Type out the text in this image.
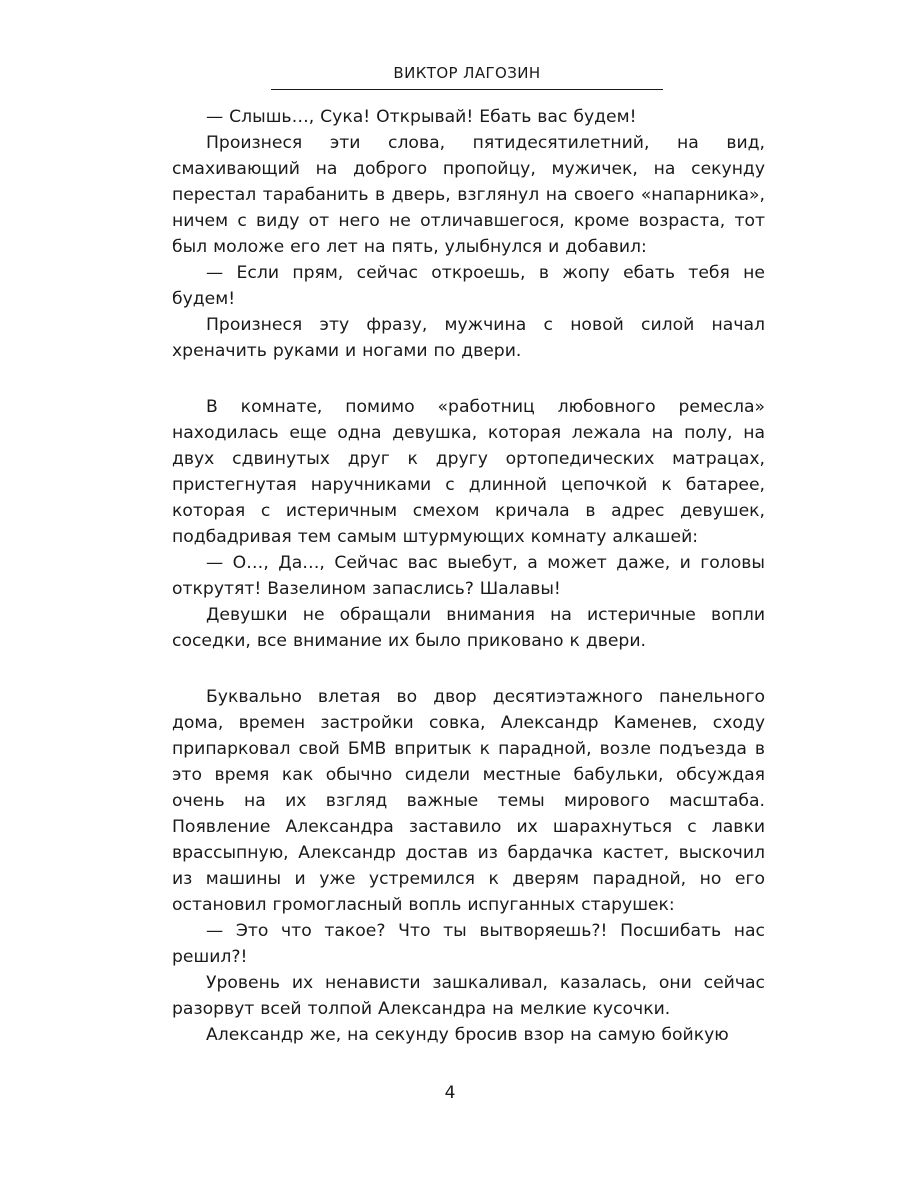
ВИКТОР ЛАГОЗИН

— Слышь…, Сука! Открывай! Ебать вас будем!

Произнеся эти слова, пятидесятилетний, на вид, смахивающий на доброго пропойцу, мужичек, на секунду перестал тарабанить в дверь, взглянул на своего «напарника», ничем с виду от него не отличавшегося, кроме возраста, тот был моложе его лет на пять, улыбнулся и добавил:

— Если прям, сейчас откроешь, в жопу ебать тебя не будем!

Произнеся эту фразу, мужчина с новой силой начал хреначить руками и ногами по двери.

В комнате, помимо «работниц любовного ремесла» находилась еще одна девушка, которая лежала на полу, на двух сдвинутых друг к другу ортопедических матрацах, пристегнутая наручниками с длинной цепочкой к батарее, которая с истеричным смехом кричала в адрес девушек, подбадривая тем самым штурмующих комнату алкашей:

— О…, Да…, Сейчас вас выебут, а может даже, и головы открутят! Вазелином запаслись? Шалавы!

Девушки не обращали внимания на истеричные вопли соседки, все внимание их было приковано к двери.

Буквально влетая во двор десятиэтажного панельного дома, времен застройки совка, Александр Каменев, сходу припарковал свой БМВ впритык к парадной, возле подъезда в это время как обычно сидели местные бабульки, обсуждая очень на их взгляд важные темы мирового масштаба. Появление Александра заставило их шарахнуться с лавки врассыпную, Александр достав из бардачка кастет, выскочил из машины и уже устремился к дверям парадной, но его остановил громогласный вопль испуганных старушек:

— Это что такое? Что ты вытворяешь?! Посшибать нас решил?!

Уровень их ненависти зашкаливал, казалась, они сейчас разорвут всей толпой Александра на мелкие кусочки.

Александр же, на секунду бросив взор на самую бойкую

4
